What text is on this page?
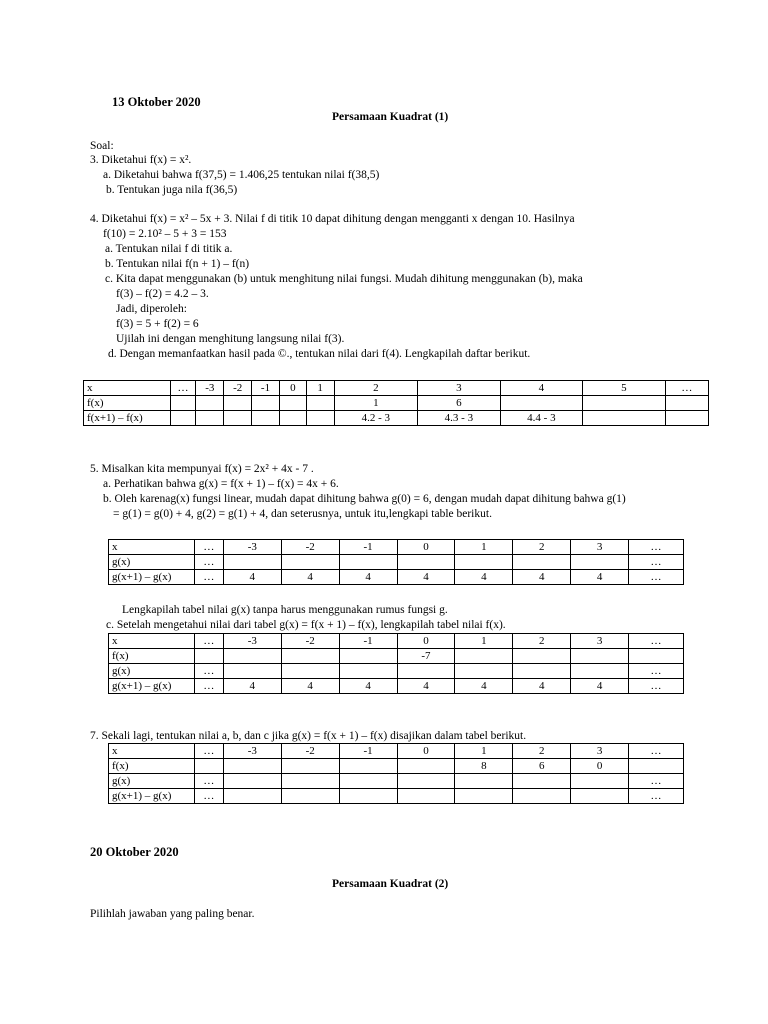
13 Oktober 2020
Persamaan Kuadrat (1)
Soal:
3. Diketahui f(x) = x².
a. Diketahui bahwa f(37,5) = 1.406,25 tentukan nilai f(38,5)
b. Tentukan juga nila f(36,5)
4. Diketahui f(x) = x² – 5x + 3. Nilai f di titik 10 dapat dihitung dengan mengganti x dengan 10. Hasilnya
f(10) = 2.10² – 5 + 3 = 153
a. Tentukan nilai f di titik a.
b. Tentukan nilai f(n + 1) – f(n)
c. Kita dapat menggunakan (b) untuk menghitung nilai fungsi. Mudah dihitung menggunakan (b), maka
f(3) – f(2) = 4.2 – 3.
Jadi, diperoleh:
f(3) = 5 + f(2) = 6
Ujilah ini dengan menghitung langsung nilai f(3).
d. Dengan memanfaatkan hasil pada ©., tentukan nilai dari f(4). Lengkapilah daftar berikut.
x	…	-3	-2	-1	0	1	2	3	4	5	…
f(x)							1	6			
f(x+1) – f(x)							4.2 - 3	4.3 - 3	4.4 - 3		
5. Misalkan kita mempunyai f(x) = 2x² + 4x - 7 .
a. Perhatikan bahwa g(x) = f(x + 1) – f(x) = 4x + 6.
b. Oleh karenag(x) fungsi linear, mudah dapat dihitung bahwa g(0) = 6, dengan mudah dapat dihitung bahwa g(1)
= g(1) = g(0) + 4, g(2) = g(1) + 4, dan seterusnya, untuk itu,lengkapi table berikut.
x	…	-3	-2	-1	0	1	2	3	…
g(x)	…								…
g(x+1) – g(x)	…	4	4	4	4	4	4	4	…
Lengkapilah tabel nilai g(x) tanpa harus menggunakan rumus fungsi g.
c. Setelah mengetahui nilai dari tabel g(x) = f(x + 1) – f(x), lengkapilah tabel nilai f(x).
x	…	-3	-2	-1	0	1	2	3	…
f(x)					-7				
g(x)	…								…
g(x+1) – g(x)	…	4	4	4	4	4	4	4	…
7. Sekali lagi, tentukan nilai a, b, dan c jika g(x) = f(x + 1) – f(x) disajikan dalam tabel berikut.
x	…	-3	-2	-1	0	1	2	3	…
f(x)						8	6	0	
g(x)	…								…
g(x+1) – g(x)	…								…
20 Oktober 2020
Persamaan Kuadrat (2)
Pilihlah jawaban yang paling benar.
